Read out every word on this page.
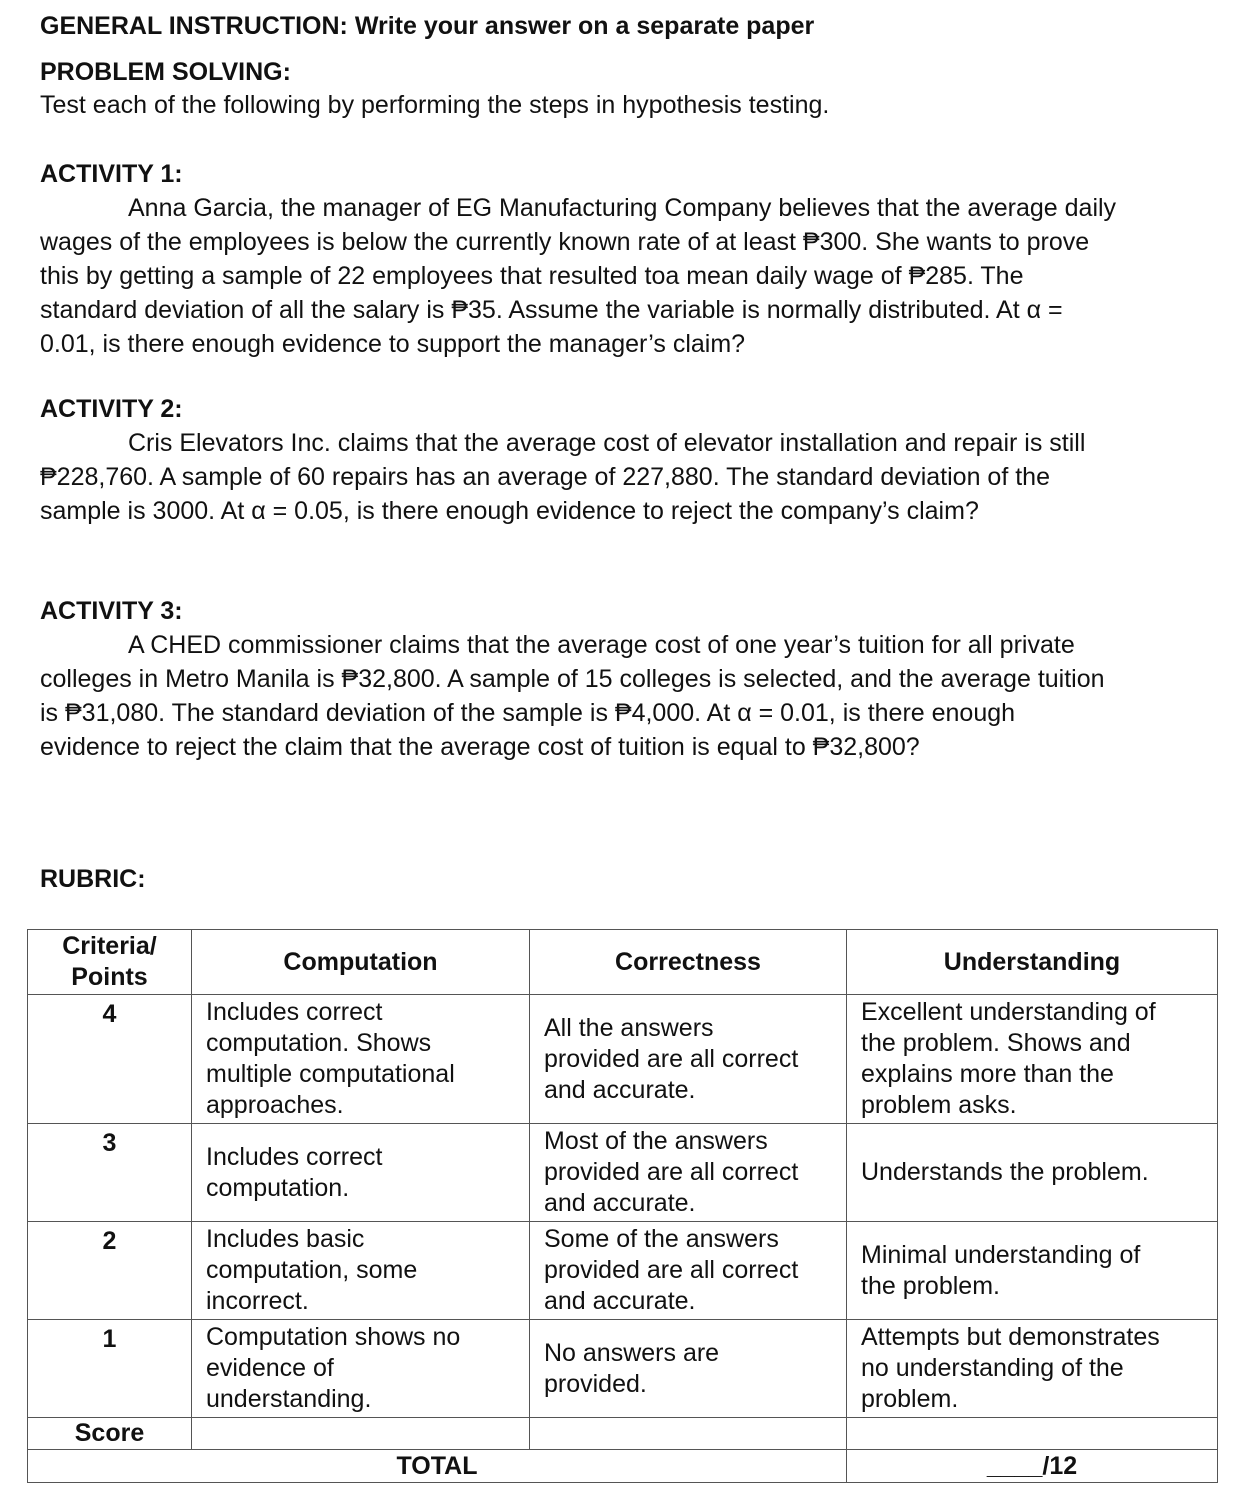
GENERAL INSTRUCTION: Write your answer on a separate paper
PROBLEM SOLVING:
Test each of the following by performing the steps in hypothesis testing.
ACTIVITY 1:
Anna Garcia, the manager of EG Manufacturing Company believes that the average daily
wages of the employees is below the currently known rate of at least ₱300. She wants to prove
this by getting a sample of 22 employees that resulted toa mean daily wage of ₱285. The
standard deviation of all the salary is ₱35. Assume the variable is normally distributed. At α =
0.01, is there enough evidence to support the manager’s claim?
ACTIVITY 2:
Cris Elevators Inc. claims that the average cost of elevator installation and repair is still
₱228,760. A sample of 60 repairs has an average of 227,880. The standard deviation of the
sample is 3000. At α = 0.05, is there enough evidence to reject the company’s claim?
ACTIVITY 3:
A CHED commissioner claims that the average cost of one year’s tuition for all private
colleges in Metro Manila is ₱32,800. A sample of 15 colleges is selected, and the average tuition
is ₱31,080. The standard deviation of the sample is ₱4,000. At α = 0.01, is there enough
evidence to reject the claim that the average cost of tuition is equal to ₱32,800?
RUBRIC:
Criteria/
Points	Computation	Correctness	Understanding
4	Includes correct
computation. Shows
multiple computational
approaches.	All the answers
provided are all correct
and accurate.	Excellent understanding of
the problem. Shows and
explains more than the
problem asks.

3	Includes correct
computation.	Most of the answers
provided are all correct
and accurate.	Understands the problem.

2	Includes basic
computation, some
incorrect.	Some of the answers
provided are all correct
and accurate.	Minimal understanding of
the problem.

1	Computation shows no
evidence of
understanding.	No answers are
provided.	Attempts but demonstrates
no understanding of the
problem.

Score			
TOTAL			____/12
